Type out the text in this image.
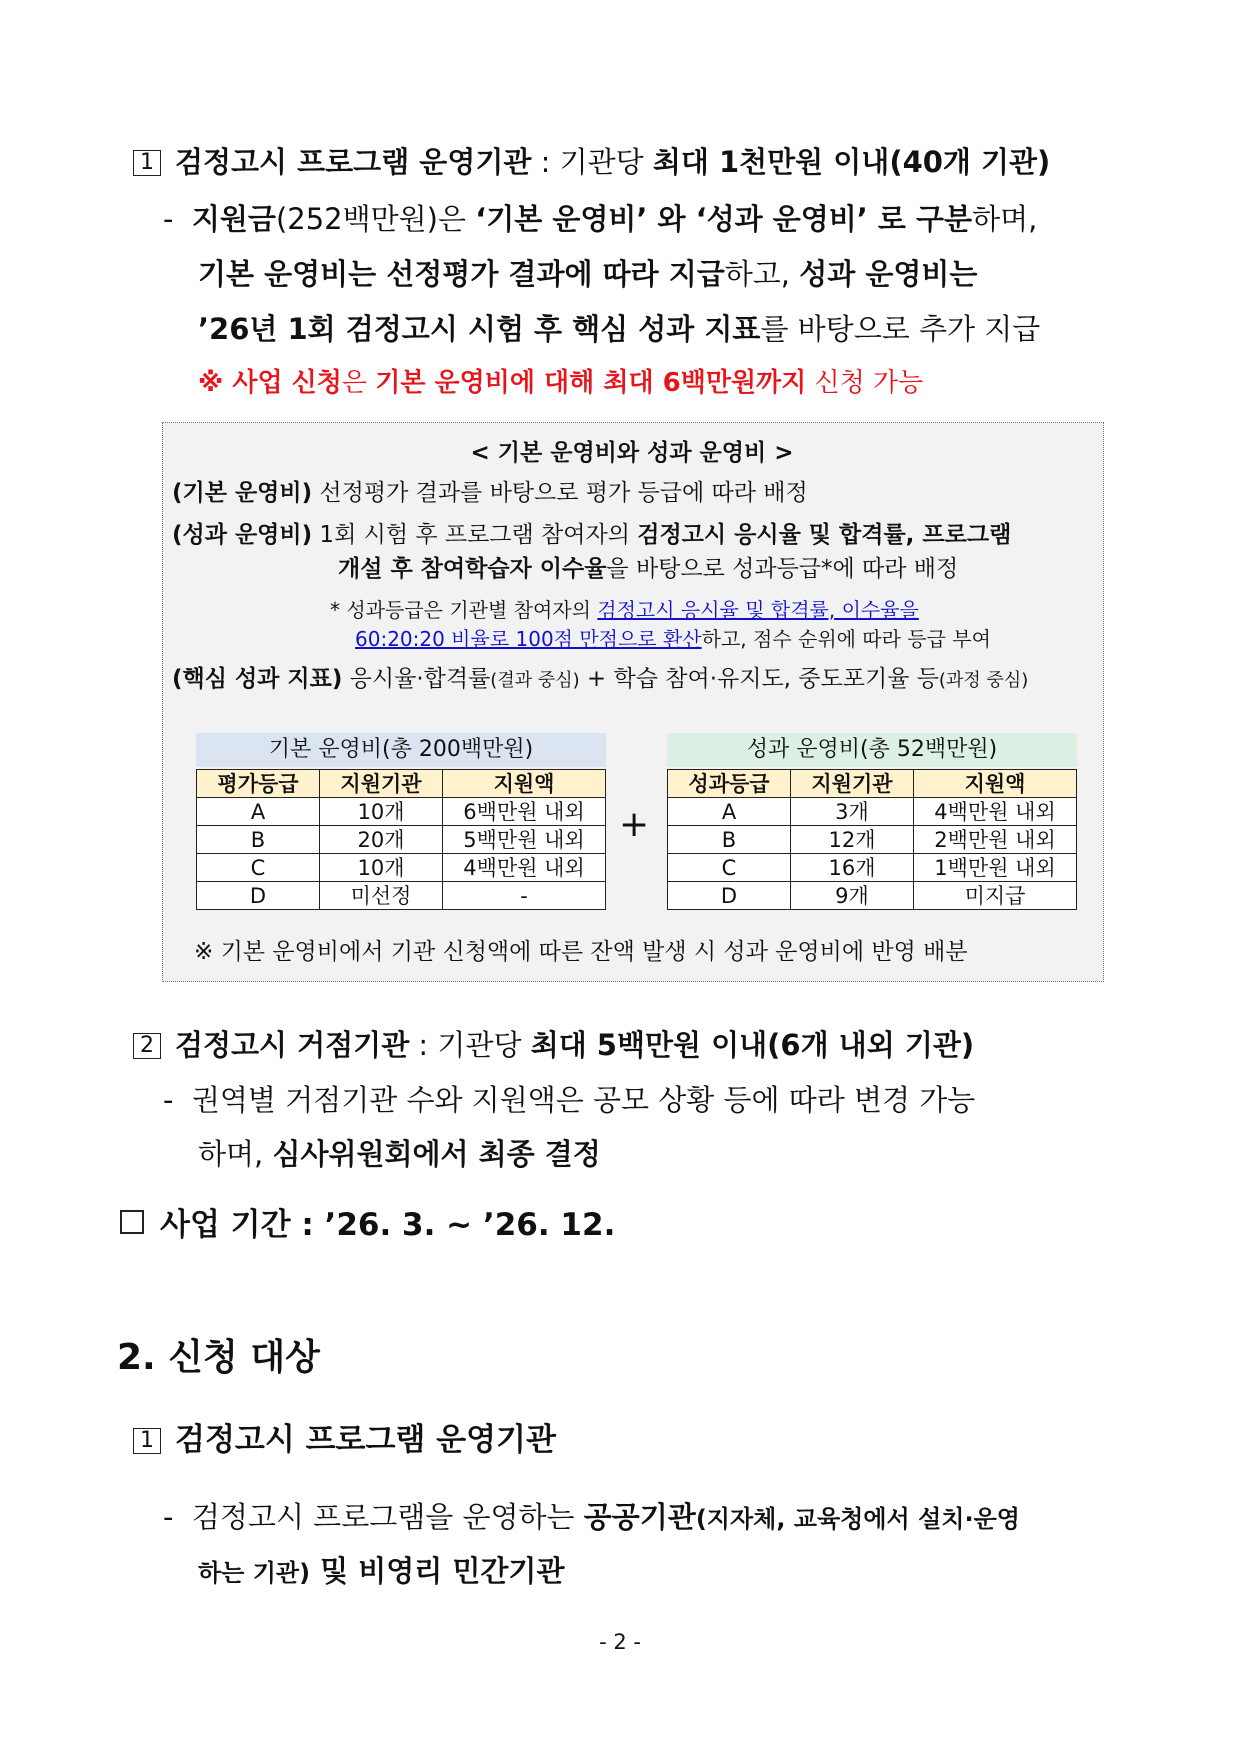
1 검정고시 프로그램 운영기관 : 기관당 최대 1천만원 이내(40개 기관)
-  지원금(252백만원)은 ‘기본 운영비’ 와 ‘성과 운영비’ 로 구분하며,
기본 운영비는 선정평가 결과에 따라 지급하고, 성과 운영비는
’26년 1회 검정고시 시험 후 핵심 성과 지표를 바탕으로 추가 지급
※ 사업 신청은 기본 운영비에 대해 최대 6백만원까지 신청 가능
< 기본 운영비와 성과 운영비 >
(기본 운영비) 선정평가 결과를 바탕으로 평가 등급에 따라 배정
(성과 운영비) 1회 시험 후 프로그램 참여자의 검정고시 응시율 및 합격률, 프로그램
개설 후 참여학습자 이수율을 바탕으로 성과등급*에 따라 배정
* 성과등급은 기관별 참여자의 검정고시 응시율 및 합격률, 이수율을
60:20:20 비율로 100점 만점으로 환산하고, 점수 순위에 따라 등급 부여
(핵심 성과 지표) 응시율·합격률(결과 중심) + 학습 참여·유지도, 중도포기율 등(과정 중심)
기본 운영비(총 200백만원)
평가등급	지원기관	지원액
A	10개	6백만원 내외
B	20개	5백만원 내외
C	10개	4백만원 내외
D	미선정	-
+
성과 운영비(총 52백만원)
성과등급	지원기관	지원액
A	3개	4백만원 내외
B	12개	2백만원 내외
C	16개	1백만원 내외
D	9개	미지급
※ 기본 운영비에서 기관 신청액에 따른 잔액 발생 시 성과 운영비에 반영 배분
2 검정고시 거점기관 : 기관당 최대 5백만원 이내(6개 내외 기관)
-  권역별 거점기관 수와 지원액은 공모 상황 등에 따라 변경 가능
하며, 심사위원회에서 최종 결정
사업 기간 : ’26. 3. ~ ’26. 12.
2. 신청 대상
1 검정고시 프로그램 운영기관
-  검정고시 프로그램을 운영하는 공공기관(지자체, 교육청에서 설치·운영
하는 기관) 및 비영리 민간기관
- 2 -
